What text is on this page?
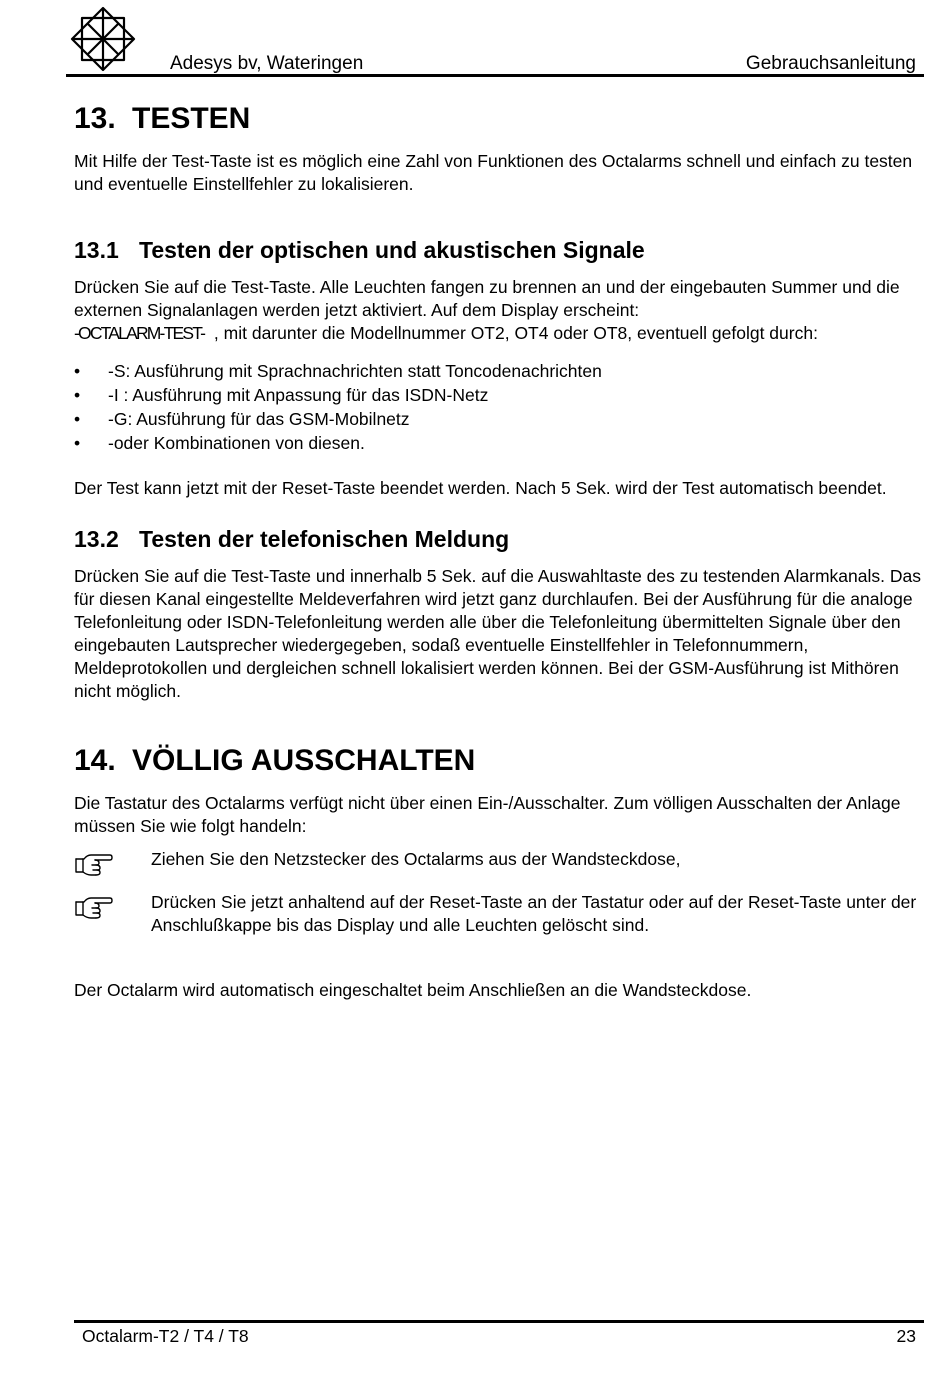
Adesys bv, Wateringen	Gebrauchsanleitung
13. TESTEN

Mit Hilfe der Test-Taste ist es möglich eine Zahl von Funktionen des Octalarms schnell und einfach zu testen und eventuelle Einstellfehler zu lokalisieren.

13.1 Testen der optischen und akustischen Signale

Drücken Sie auf die Test-Taste. Alle Leuchten fangen zu brennen an und der eingebauten Summer und die externen Signalanlagen werden jetzt aktiviert. Auf dem Display erscheint:
-OCTALARM-TEST- , mit darunter die Modellnummer OT2, OT4 oder OT8, eventuell gefolgt durch:

• -S: Ausführung mit Sprachnachrichten statt Toncodenachrichten
• -I : Ausführung mit Anpassung für das ISDN-Netz
• -G: Ausführung für das GSM-Mobilnetz
• -oder Kombinationen von diesen.

Der Test kann jetzt mit der Reset-Taste beendet werden. Nach 5 Sek. wird der Test automatisch beendet.

13.2 Testen der telefonischen Meldung

Drücken Sie auf die Test-Taste und innerhalb 5 Sek. auf die Auswahltaste des zu testenden Alarmkanals. Das für diesen Kanal eingestellte Meldeverfahren wird jetzt ganz durchlaufen. Bei der Ausführung für die analoge Telefonleitung oder ISDN-Telefonleitung werden alle über die Telefonleitung übermittelten Signale über den eingebauten Lautsprecher wiedergegeben, sodaß eventuelle Einstellfehler in Telefonnummern, Meldeprotokollen und dergleichen schnell lokalisiert werden können. Bei der GSM-Ausführung ist Mithören nicht möglich.

14. VÖLLIG AUSSCHALTEN

Die Tastatur des Octalarms verfügt nicht über einen Ein-/Ausschalter. Zum völligen Ausschalten der Anlage müssen Sie wie folgt handeln:

Ziehen Sie den Netzstecker des Octalarms aus der Wandsteckdose,
Drücken Sie jetzt anhaltend auf der Reset-Taste an der Tastatur oder auf der Reset-Taste unter der Anschlußkappe bis das Display und alle Leuchten gelöscht sind.

Der Octalarm wird automatisch eingeschaltet beim Anschließen an die Wandsteckdose.

Octalarm-T2 / T4 / T8	23
